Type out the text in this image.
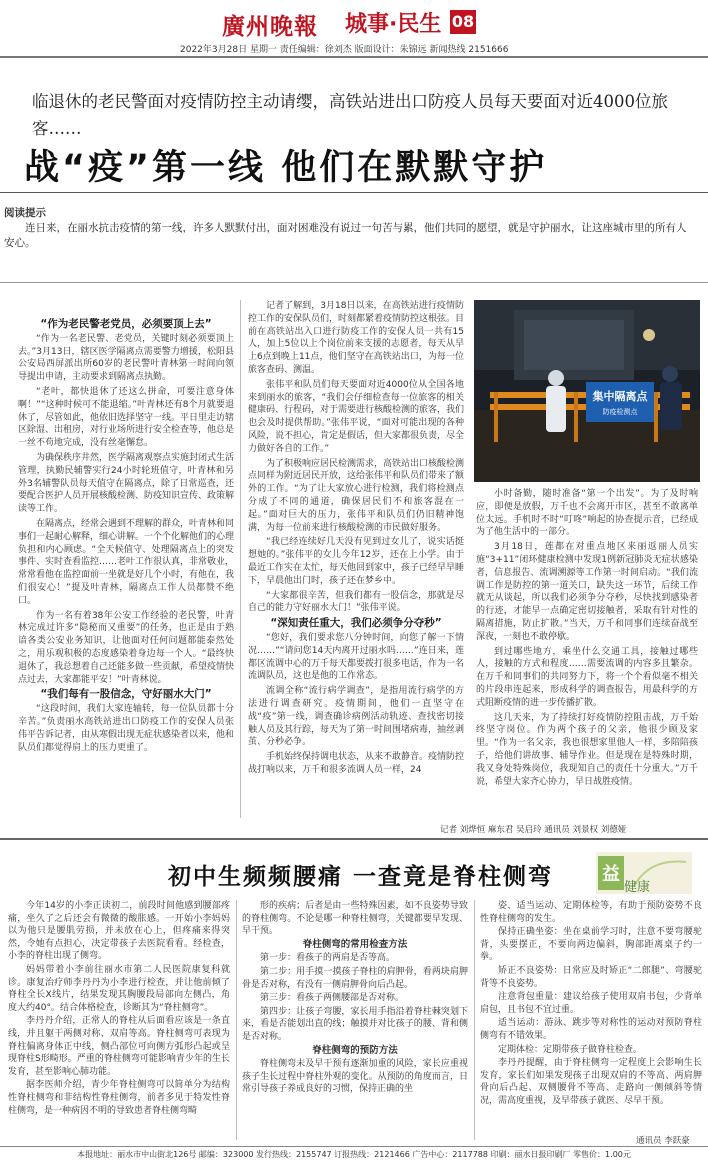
廣州晚報 城事·民生 08
2022年3月28日 星期一 责任编辑：徐刘杰 版面设计：朱锦远 新闻热线 2151666
临退休的老民警面对疫情防控主动请缨，高铁站进出口防疫人员每天要面对近4000位旅客……
战“疫”第一线 他们在默默守护
阅读提示
连日来，在丽水抗击疫情的第一线，许多人默默付出，面对困难没有说过一句苦与累，他们共同的愿望，就是守护丽水，让这座城市里的所有人安心。

“作为老民警老党员，必须要顶上去”

“作为一名老民警、老党员，关键时刻必须要顶上去。”3月13日，辖区医学隔离点需要警力增援，松阳县公安局西屏派出所60岁的老民警叶青林第一时间向领导提出申请，主动要求到隔离点执勤。

“老叶，都快退休了还这么拼命，可要注意身体啊！”“这种时候可不能退缩。”叶青林还有8个月就要退休了，尽管如此，他依旧选择坚守一线。平日里走访辖区除湿、出租房，对行业场所进行安全检查等，他总是一丝不苟地完成，没有丝毫懈怠。

为确保秩序井然，医学隔离观察点实施封闭式生活管理，执勤民辅警实行24小时轮班值守，叶青林和另外3名辅警队员每天值守在隔离点，除了日常巡查，还要配合医护人员开展核酸检测、防疫知识宣传、政策解读等工作。

在隔离点，经常会遇到不理解的群众，叶青林和同事们一起耐心解释，细心讲解。一个个化解他们的心理负担和内心顾虑。“全天候值守、处理隔离点上的突发事件、实时查看监控……老叶工作很认真，非常敬业，常常看他在监控面前一坐就是好几个小时，有他在，我们很安心！”提及叶青林，隔离点工作人员都赞不绝口。

作为一名有着38年公安工作经验的老民警，叶青林完成过许多“隐秘而又重要”的任务，也正是由于熟谙各类公安业务知识，让他面对任何问题都能泰然处之，用乐观积极的态度感染着身边每一个人。“最终快退休了，我总想着自己还能多做一些贡献，希望疫情快点过去，大家都能平安！”叶青林说。

“我们每有一股信念，守好丽水大门”

“这段时间，我们大家连轴转，每一位队员都十分辛苦。”负责丽水高铁站进出口防疫工作的安保人员张伟平告诉记者，由从寒假出现无症状感染者以来，他和队员们都觉得肩上的压力更重了。

记者了解到，3月18日以来，在高铁站进行疫情防控工作的安保队员们，时刻都紧着疫情防控这根弦。目前在高铁站出入口进行防疫工作的安保人员一共有15人，加上5位以上个岗位前来支援的志愿者，每天从早上6点到晚上11点，他们坚守在高铁站出口，为每一位旅客查码、测温。

张伟平和队员们每天要面对近4000位从全国各地来到丽水的旅客，“我们会仔细检查每一位旅客的相关健康码、行程码，对于需要进行核酸检测的旅客，我们也会及时提供帮助。”张伟平说，“面对可能出现的各种风险，说不担心，肯定是假话，但大家都很负责，尽全力做好各自的工作。”

为了积极响应居民检测需求，高铁站出口核酸检测点同样为附近居民开放，这给张伟平和队员们带来了额外的工作。“为了让大家放心进行检测，我们将检测点分成了不同的通道，确保居民们不和旅客混在一起。”面对巨大的压力，张伟平和队员们仍旧精神饱满，为每一位前来进行核酸检测的市民做好服务。

“我已经连续好几天没有见到过女儿了，说实话挺想她的。”张伟平的女儿今年12岁，还在上小学。由于最近工作实在太忙，每天他回到家中，孩子已经早早睡下，早晨他出门时，孩子还在梦乡中。

“大家都很辛苦，但我们都有一股信念，那就是尽自己的能力守好丽水大门！”张伟平说。

“深知责任重大，我们必须争分夺秒”

“您好，我们要求您八分钟时间，向您了解一下情况……”“请问您14天内离开过丽水吗……”连日来，莲都区流调中心的万千每天都要拨打很多电话，作为一名流调队员，这也是他的工作常态。

流调全称“流行病学调查”，是指用流行病学的方法进行调查研究。疫情期间，他们一直坚守在战“疫”第一线，调查确诊病例活动轨迹、查找密切接触人员及其行踪，每天为了第一时间围堵病毒，抽丝剥茧、分秒必争。

手机始终保持调电状态，从来不敢静音。疫情防控战打响以来，万千和很多流调人员一样，24

集中隔离点
防疫检测点

小时备勤，随时准备“第一个出发”。为了及时响应，即便是放假，万千也不会离开市区，甚至不敢离单位太远。手机时不时“叮咚”响起的协查提示音，已经成为了他生活中的一部分。

3月18日，莲都在对重点地区来丽返丽人员实施“3+11”闭环健康检测中发现1例新冠肺炎无症状感染者，信息报告、流调溯源等工作第一时间启动。“我们流调工作是防控的第一道关口，缺失这一环节，后续工作就无从谈起，所以我们必须争分夺秒，尽快找到感染者的行迹，才能早一点确定密切接触者，采取有针对性的隔离措施，防止扩散。”当天，万千和同事们连续奋战至深夜，一刻也不敢停歇。

到过哪些地方，乘坐什么交通工具，接触过哪些人，接触的方式和程度……需要流调的内容多且繁杂。在万千和同事们的共同努力下，将一个个看似毫不相关的片段串连起来，形成科学的调查报告，用最科学的方式阻断疫情的进一步传播扩散。

这几天来，为了持续打好疫情防控阻击战，万千始终坚守岗位。作为两个孩子的父亲，他很少顾及家里。“作为一名父亲，我也很想家里他人一样，多陪陪孩子，给他们讲故事、辅导作业。但是现在是特殊时期，我又身处特殊岗位，我现知自己的责任十分重大。”万千说，希望大家齐心协力，早日战胜疫情。

记者 刘烨恒 麻东君 吴启玲 通讯员 刘景权 刘德娅
初中生频频腰痛 一查竟是脊柱侧弯	益
健康

今年14岁的小李正读初二，前段时间他感到腰部疼痛，坐久了之后还会有微微的酸胀感。一开始小李妈妈以为他只是腰肌劳损，并未放在心上，但疼痛来得突然，令她有点担心，决定带孩子去医院看看。经检查，小李的脊柱出现了侧弯。

妈妈带着小李前往丽水市第二人民医院康复科就诊。康复治疗师李丹丹为小李进行检查，并让他前倾了脊柱全长X线片，结果发现其胸腰段局部向左侧凸，角度大约40°。结合体格检查，诊断其为“脊柱侧弯”。

李丹丹介绍，正常人的脊柱从后面看应该是一条直线，并且躯干两侧对称、双肩等高。脊柱侧弯可表现为脊柱偏离身体正中线，侧凸部位可向侧方弧形凸起或呈现脊柱S形畸形。严重的脊柱侧弯可能影响青少年的生长发育，甚至影响心肺功能。

据李医师介绍，青少年脊柱侧弯可以简单分为结构性脊柱侧弯和非结构性脊柱侧弯，前者多见于特发性脊柱侧弯，是一种病因不明的导致患者脊柱侧弯畸

形的疾病；后者是由一些特殊因素，如不良姿势导致的脊柱侧弯。不论是哪一种脊柱侧弯，关键都要早发现、早干预。

脊柱侧弯的常用检查方法

第一步：看孩子的两肩是否等高。

第二步：用手摸一摸孩子脊柱的肩胛骨，看两块肩胛骨是否对称，有没有一侧肩胛骨向后凸起。

第三步：看孩子两侧腰部是否对称。

第四步：让孩子弯腰，家长用手指沿着脊柱棘突划下来，看是否能划出直的线；触摸并对比孩子的腰、背和侧是否对称。

脊柱侧弯的预防方法

脊柱侧弯未及早干预有逐渐加重的风险，家长应重视孩子生长过程中脊柱外观的变化。从预防的角度而言，日常引导孩子养成良好的习惯，保持正确的坐

姿、适当运动、定期体检等，有助于预防姿势不良性脊柱侧弯的发生。

保持正确坐姿：坐在桌前学习时，注意不要弯腰驼背，头要摆正，不要向两边偏斜，胸部距离桌子约一拳。

矫正不良姿势：日常应及时矫正“二郎腿”、弯腰驼背等不良姿势。

注意背包重量：建议给孩子使用双肩书包，少背单肩包，且书包不宜过重。

适当运动：游泳、跳步等对称性的运动对预防脊柱侧弯有不错效果。

定期体检：定期带孩子做脊柱检查。

李丹丹提醒，由于脊柱侧弯一定程度上会影响生长发育，家长们如果发现孩子出现双肩的不等高、两肩胛骨向后凸起、双侧腰骨不等高、走路向一侧倾斜等情况，需高度重视，及早带孩子就医、尽早干预。

通讯员 李跃豪
本报地址：丽水市中山街北126号 邮编：323000 发行热线：2155747 订报热线：2121466 广告中心：2117788 印刷：丽水日报印刷厂 零售价：1.00元
